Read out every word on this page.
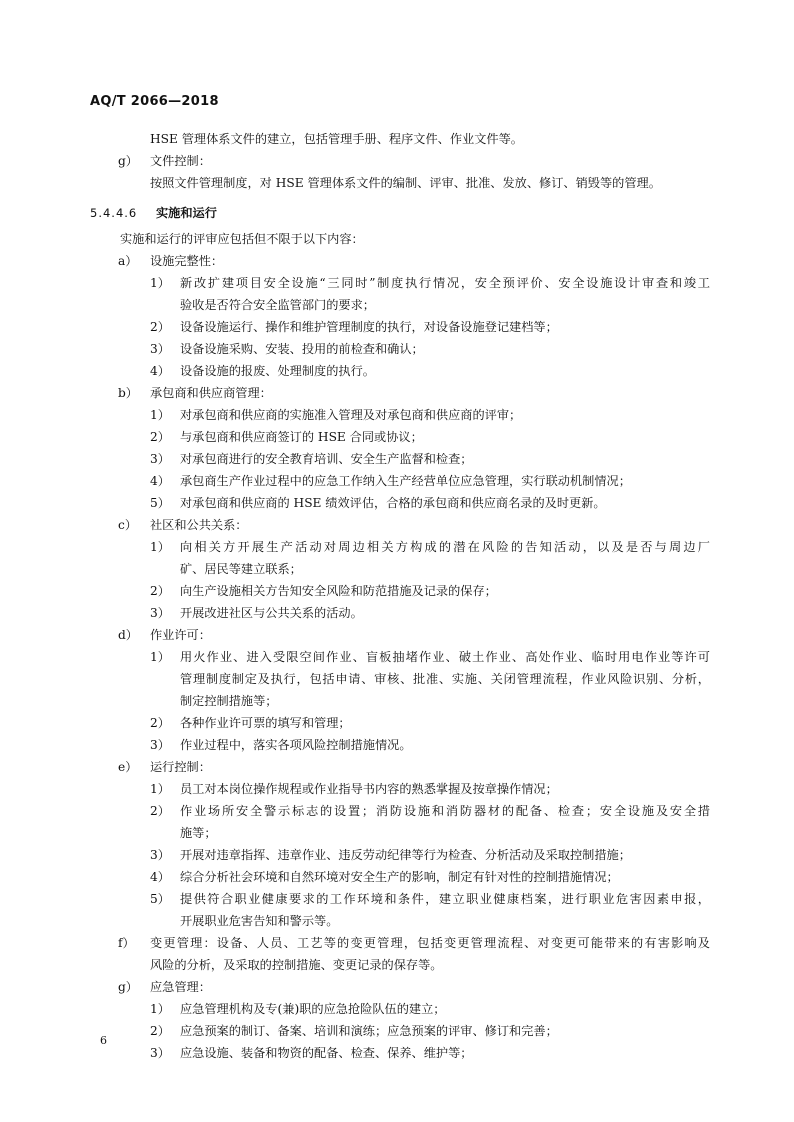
AQ/T 2066—2018
HSE 管理体系文件的建立，包括管理手册、程序文件、作业文件等。
g） 文件控制：
按照文件管理制度，对 HSE 管理体系文件的编制、评审、批准、发放、修订、销毁等的管理。
5.4.4.6 实施和运行
实施和运行的评审应包括但不限于以下内容：
a） 设施完整性：
1） 新改扩建项目安全设施“三同时”制度执行情况，安全预评价、安全设施设计审查和竣工
验收是否符合安全监管部门的要求；
2） 设备设施运行、操作和维护管理制度的执行，对设备设施登记建档等；
3） 设备设施采购、安装、投用的前检查和确认；
4） 设备设施的报废、处理制度的执行。
b） 承包商和供应商管理：
1） 对承包商和供应商的实施准入管理及对承包商和供应商的评审；
2） 与承包商和供应商签订的 HSE 合同或协议；
3） 对承包商进行的安全教育培训、安全生产监督和检查；
4） 承包商生产作业过程中的应急工作纳入生产经营单位应急管理，实行联动机制情况；
5） 对承包商和供应商的 HSE 绩效评估，合格的承包商和供应商名录的及时更新。
c） 社区和公共关系：
1） 向相关方开展生产活动对周边相关方构成的潜在风险的告知活动，以及是否与周边厂
矿、居民等建立联系；
2） 向生产设施相关方告知安全风险和防范措施及记录的保存；
3） 开展改进社区与公共关系的活动。
d） 作业许可：
1） 用火作业、进入受限空间作业、盲板抽堵作业、破土作业、高处作业、临时用电作业等许可
管理制度制定及执行，包括申请、审核、批准、实施、关闭管理流程，作业风险识别、分析，
制定控制措施等；
2） 各种作业许可票的填写和管理；
3） 作业过程中，落实各项风险控制措施情况。
e） 运行控制：
1） 员工对本岗位操作规程或作业指导书内容的熟悉掌握及按章操作情况；
2） 作业场所安全警示标志的设置；消防设施和消防器材的配备、检查；安全设施及安全措
施等；
3） 开展对违章指挥、违章作业、违反劳动纪律等行为检查、分析活动及采取控制措施；
4） 综合分析社会环境和自然环境对安全生产的影响，制定有针对性的控制措施情况；
5） 提供符合职业健康要求的工作环境和条件，建立职业健康档案，进行职业危害因素申报，
开展职业危害告知和警示等。
f） 变更管理：设备、人员、工艺等的变更管理，包括变更管理流程、对变更可能带来的有害影响及
风险的分析，及采取的控制措施、变更记录的保存等。
g） 应急管理：
1） 应急管理机构及专(兼)职的应急抢险队伍的建立；
2） 应急预案的制订、备案、培训和演练；应急预案的评审、修订和完善；
3） 应急设施、装备和物资的配备、检查、保养、维护等；
6
